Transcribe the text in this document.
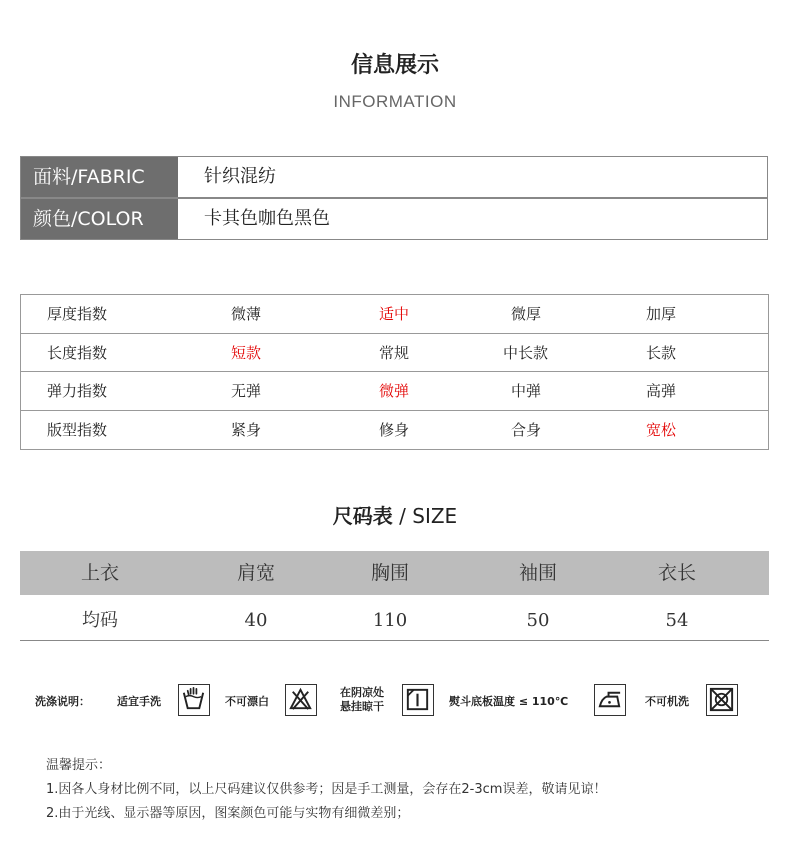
信息展示
INFORMATION
面料/FABRIC	针织混纺
颜色/COLOR	卡其色咖色黑色
厚度指数	微薄	适中	微厚	加厚
长度指数	短款	常规	中长款	长款
弹力指数	无弹	微弹	中弹	高弹
版型指数	紧身	修身	合身	宽松
尺码表 / SIZE
上衣	肩宽	胸围	袖围	衣长
均码	40	110	50	54
洗涤说明： 适宜手洗	不可漂白
在阴凉处
悬挂晾干	熨斗底板温度 ≤ 110℃	不可机洗
温馨提示：
1.因各人身材比例不同，以上尺码建议仅供参考；因是手工测量，会存在2-3cm误差，敬请见谅！
2.由于光线、显示器等原因，图案颜色可能与实物有细微差别；
